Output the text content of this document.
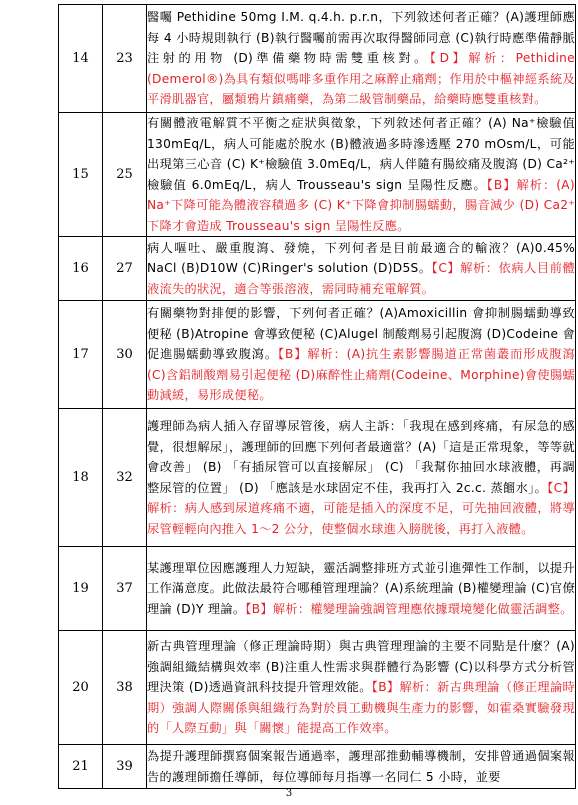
14	23	醫囑 Pethidine 50mg I.M. q.4.h. p.r.n，下列敘述何者正確？(A)護理師應每 4 小時規則執行 (B)執行醫囑前需再次取得醫師同意 (C)執行時應準備靜脈注射的用物 (D)準備藥物時需雙重核對。【D】解析：Pethidine (Demerol®)為具有類似嗎啡多重作用之麻醉止痛劑；作用於中樞神經系統及平滑肌器官，屬類鴉片鎮痛藥，為第二級管制藥品，給藥時應雙重核對。
15	25	有關體液電解質不平衡之症狀與徵象，下列敘述何者正確？(A) Na⁺檢驗值 130mEq/L，病人可能處於脫水 (B)體液過多時滲透壓 270 mOsm/L，可能出現第三心音 (C) K⁺檢驗值 3.0mEq/L，病人伴隨有腸絞痛及腹瀉 (D) Ca²⁺檢驗值 6.0mEq/L，病人 Trousseau's sign 呈陽性反應。【B】解析：(A) Na⁺下降可能為體液容積過多 (C) K⁺下降會抑制腸蠕動，腸音減少 (D) Ca2⁺下降才會造成 Trousseau's sign 呈陽性反應。
16	27	病人嘔吐、嚴重腹瀉、發燒，下列何者是目前最適合的輸液？(A)0.45% NaCl (B)D10W (C)Ringer's solution (D)D5S。【C】解析：依病人目前體液流失的狀況，適合等張溶液，需同時補充電解質。
17	30	有關藥物對排便的影響，下列何者正確？(A)Amoxicillin 會抑制腸蠕動導致便秘 (B)Atropine 會導致便秘 (C)Alugel 制酸劑易引起腹瀉 (D)Codeine 會促進腸蠕動導致腹瀉。【B】解析：(A)抗生素影響腸道正常菌叢而形成腹瀉 (C)含鋁制酸劑易引起便秘 (D)麻醉性止痛劑(Codeine、Morphine)會使腸蠕動減緩，易形成便秘。
18	32	護理師為病人插入存留導尿管後，病人主訴：「我現在感到疼痛，有尿急的感覺，很想解尿」，護理師的回應下列何者最適當？(A)「這是正常現象，等等就會改善」 (B) 「有插尿管可以直接解尿」 (C) 「我幫你抽回水球液體，再調整尿管的位置」 (D) 「應該是水球固定不佳，我再打入 2c.c. 蒸餾水」。【C】解析：病人感到尿道疼痛不適，可能是插入的深度不足，可先抽回液體，將導尿管輕輕向內推入 1～2 公分，使整個水球進入膀胱後，再打入液體。
19	37	某護理單位因應護理人力短缺，靈活調整排班方式並引進彈性工作制，以提升工作滿意度。此做法最符合哪種管理理論？(A)系統理論 (B)權變理論 (C)官僚理論 (D)Y 理論。【B】解析：權變理論強調管理應依據環境變化做靈活調整。
20	38	新古典管理理論（修正理論時期）與古典管理理論的主要不同點是什麼？(A)強調組織結構與效率 (B)注重人性需求與群體行為影響 (C)以科學方式分析管理決策 (D)透過資訊科技提升管理效能。【B】解析：新古典理論（修正理論時期）強調人際關係與組織行為對於員工動機與生產力的影響，如霍桑實驗發現的「人際互動」與「關懷」能提高工作效率。
21	39	為提升護理師撰寫個案報告通過率，護理部推動輔導機制，安排曾通過個案報告的護理師擔任導師，每位導師每月指導一名同仁 5 小時，並要
3
